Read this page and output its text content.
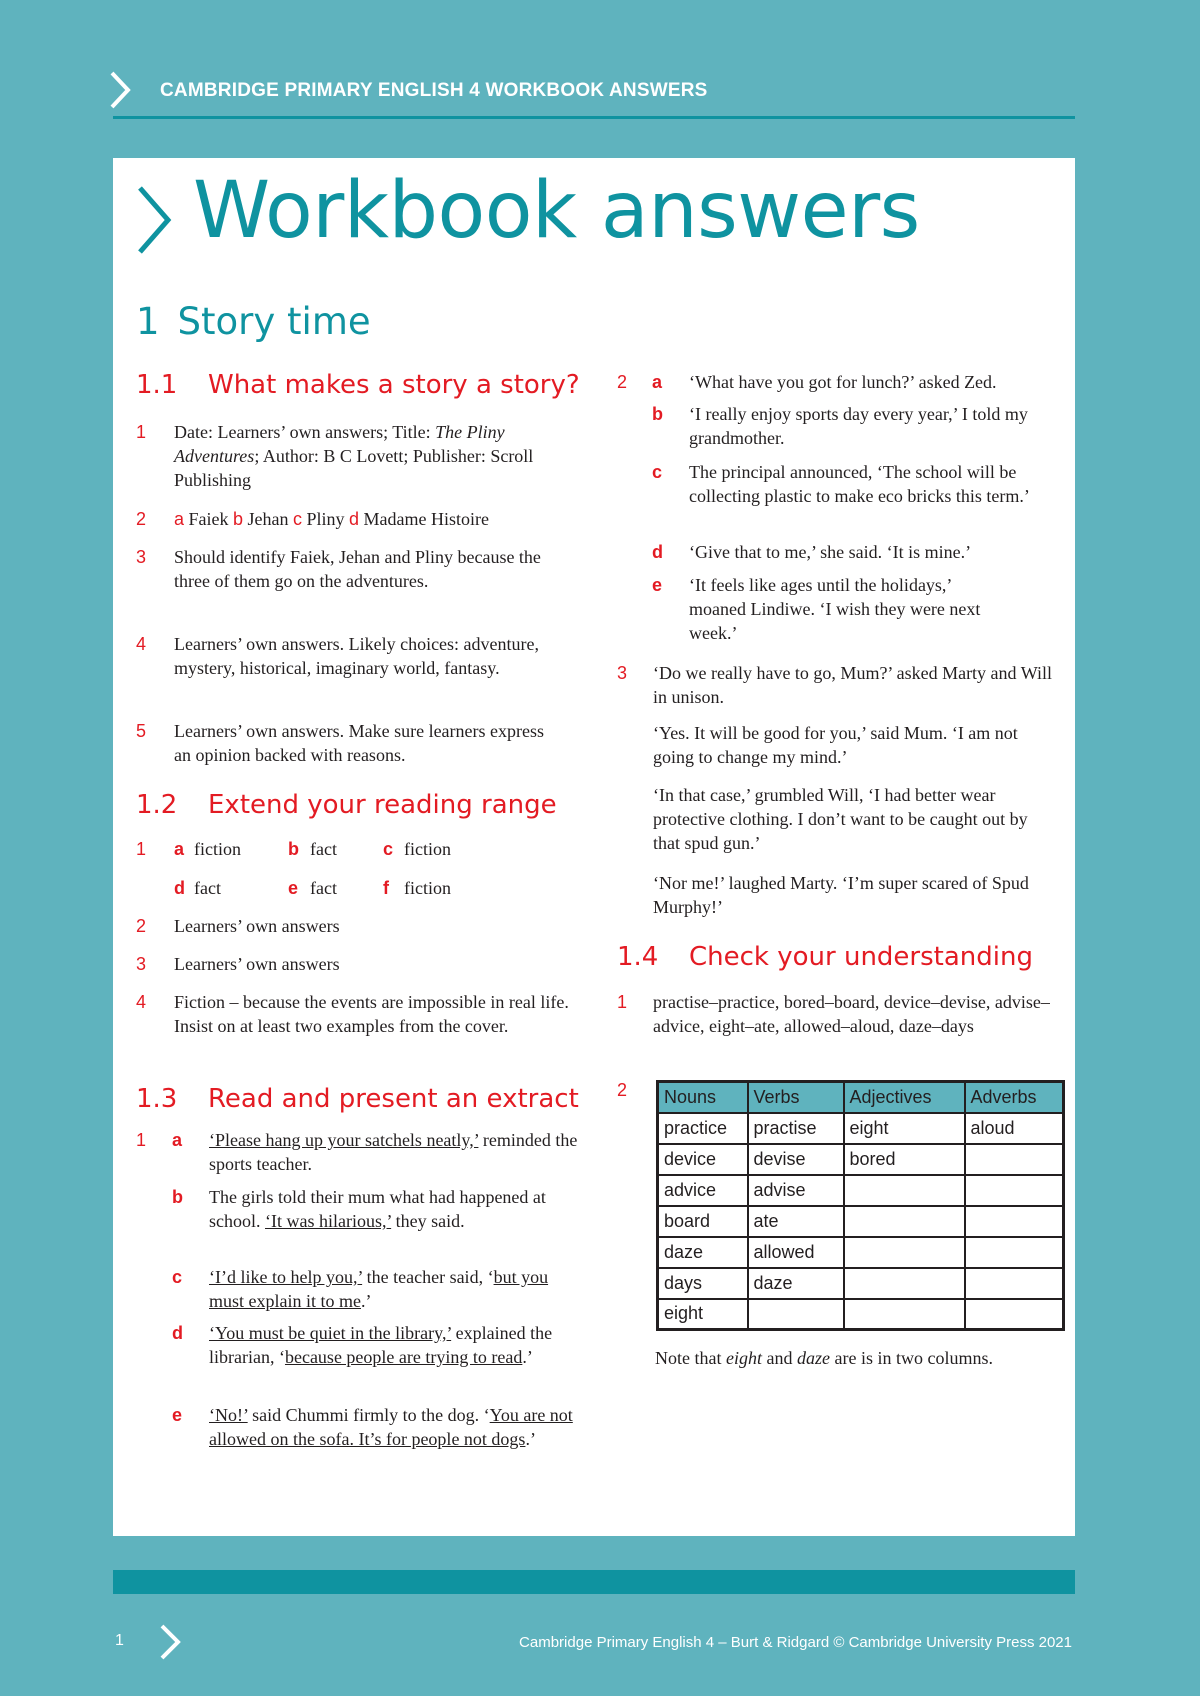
CAMBRIDGE PRIMARY ENGLISH 4 WORKBOOK ANSWERS
Workbook answers
1 Story time
1.1 What makes a story a story?
1 Date: Learners’ own answers; Title: The Pliny Adventures; Author: B C Lovett; Publisher: Scroll Publishing
2 a Faiek b Jehan c Pliny d Madame Histoire
3 Should identify Faiek, Jehan and Pliny because the three of them go on the adventures.
4 Learners’ own answers. Likely choices: adventure, mystery, historical, imaginary world, fantasy.
5 Learners’ own answers. Make sure learners express an opinion backed with reasons.
1.2 Extend your reading range
1 a fiction	b fact	c fiction
d fact	e fact	f fiction
2 Learners’ own answers
3 Learners’ own answers
4 Fiction – because the events are impossible in real life. Insist on at least two examples from the cover.
1.3 Read and present an extract
1 a ‘Please hang up your satchels neatly,’ reminded the sports teacher.
b The girls told their mum what had happened at school. ‘It was hilarious,’ they said.
c ‘I’d like to help you,’ the teacher said, ‘but you must explain it to me.’
d ‘You must be quiet in the library,’ explained the librarian, ‘because people are trying to read.’
e ‘No!’ said Chummi firmly to the dog. ‘You are not allowed on the sofa. It’s for people not dogs.’
2 a ‘What have you got for lunch?’ asked Zed.
b ‘I really enjoy sports day every year,’ I told my grandmother.
c The principal announced, ‘The school will be collecting plastic to make eco bricks this term.’
d ‘Give that to me,’ she said. ‘It is mine.’
e ‘It feels like ages until the holidays,’ moaned Lindiwe. ‘I wish they were next week.’
3 ‘Do we really have to go, Mum?’ asked Marty and Will in unison.
‘Yes. It will be good for you,’ said Mum. ‘I am not going to change my mind.’
‘In that case,’ grumbled Will, ‘I had better wear protective clothing. I don’t want to be caught out by that spud gun.’
‘Nor me!’ laughed Marty. ‘I’m super scared of Spud Murphy!’
1.4 Check your understanding
1 practise–practice, bored–board, device–devise, advise–advice, eight–ate, allowed–aloud, daze–days
2 Nouns	Verbs	Adjectives	Adverbs
practice	practise	eight	aloud
device	devise	bored	
advice	advise		
board	ate		
daze	allowed		
days	daze		
eight			
Note that eight and daze are is in two columns.
1	Cambridge Primary English 4 – Burt & Ridgard © Cambridge University Press 2021
